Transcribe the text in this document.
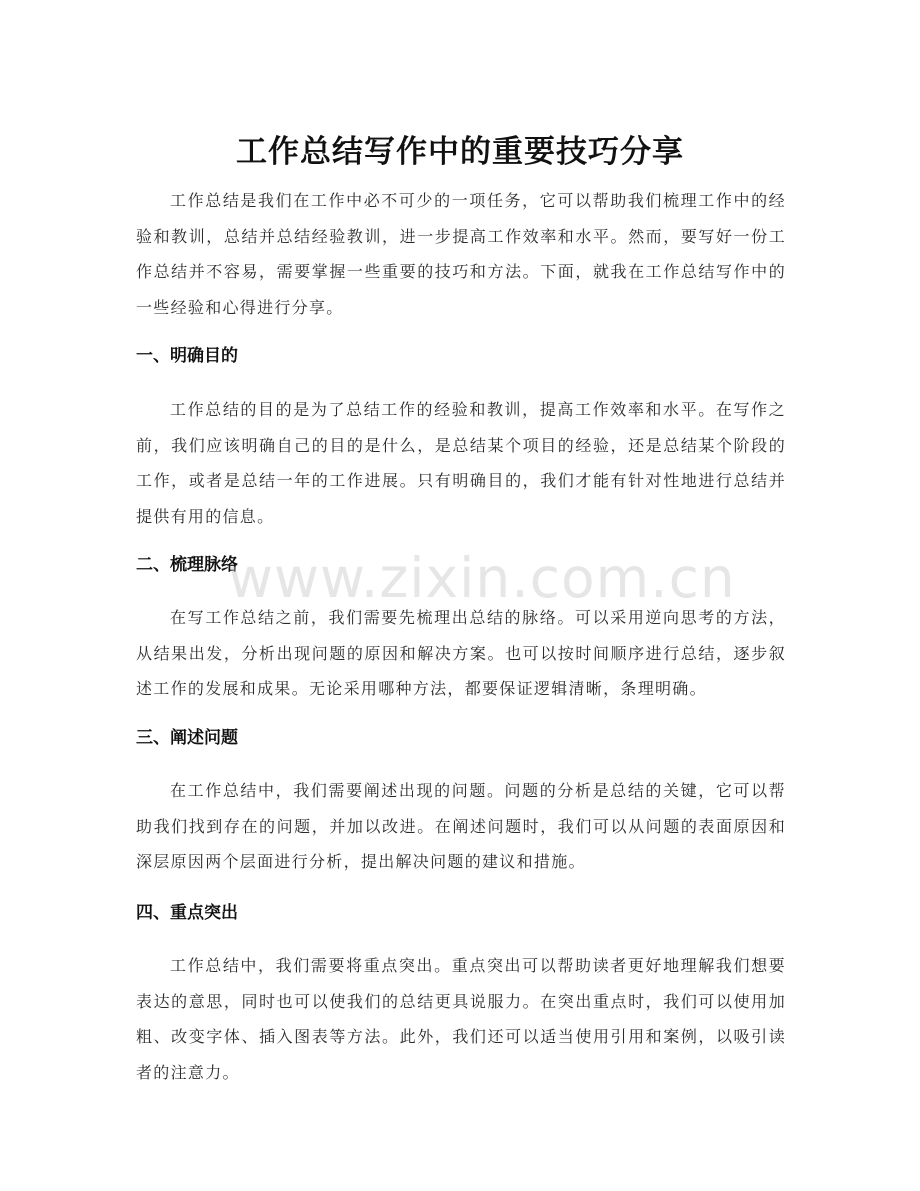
工作总结写作中的重要技巧分享

工作总结是我们在工作中必不可少的一项任务，它可以帮助我们梳理工作中的经验和教训，总结并总结经验教训，进一步提高工作效率和水平。然而，要写好一份工作总结并不容易，需要掌握一些重要的技巧和方法。下面，就我在工作总结写作中的一些经验和心得进行分享。

一、明确目的

工作总结的目的是为了总结工作的经验和教训，提高工作效率和水平。在写作之前，我们应该明确自己的目的是什么，是总结某个项目的经验，还是总结某个阶段的工作，或者是总结一年的工作进展。只有明确目的，我们才能有针对性地进行总结并提供有用的信息。

二、梳理脉络

在写工作总结之前，我们需要先梳理出总结的脉络。可以采用逆向思考的方法，从结果出发，分析出现问题的原因和解决方案。也可以按时间顺序进行总结，逐步叙述工作的发展和成果。无论采用哪种方法，都要保证逻辑清晰，条理明确。

三、阐述问题

在工作总结中，我们需要阐述出现的问题。问题的分析是总结的关键，它可以帮助我们找到存在的问题，并加以改进。在阐述问题时，我们可以从问题的表面原因和深层原因两个层面进行分析，提出解决问题的建议和措施。

四、重点突出

工作总结中，我们需要将重点突出。重点突出可以帮助读者更好地理解我们想要表达的意思，同时也可以使我们的总结更具说服力。在突出重点时，我们可以使用加粗、改变字体、插入图表等方法。此外，我们还可以适当使用引用和案例，以吸引读者的注意力。

www.zixin.com.cn
